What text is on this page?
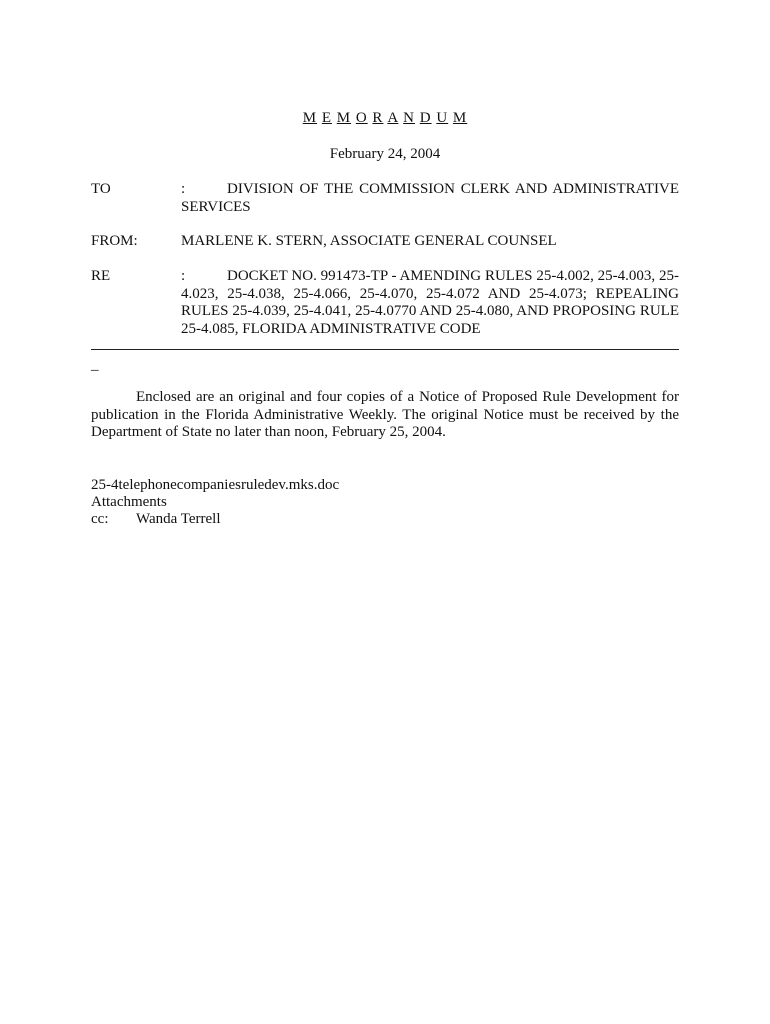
M E M O R A N D U M
February 24, 2004
TO	:	DIVISION OF THE COMMISSION CLERK AND ADMINISTRATIVE SERVICES
FROM:	MARLENE K. STERN, ASSOCIATE GENERAL COUNSEL
RE	:	DOCKET NO. 991473-TP - AMENDING RULES 25-4.002, 25-4.003, 25-4.023, 25-4.038, 25-4.066, 25-4.070, 25-4.072 AND 25-4.073; REPEALING RULES 25-4.039, 25-4.041, 25-4.0770 AND 25-4.080, AND PROPOSING RULE 25-4.085, FLORIDA ADMINISTRATIVE CODE
_
Enclosed are an original and four copies of a Notice of Proposed Rule Development for publication in the Florida Administrative Weekly. The original Notice must be received by the Department of State no later than noon, February 25, 2004.
25-4telephonecompaniesruledev.mks.doc
Attachments
cc: Wanda Terrell
